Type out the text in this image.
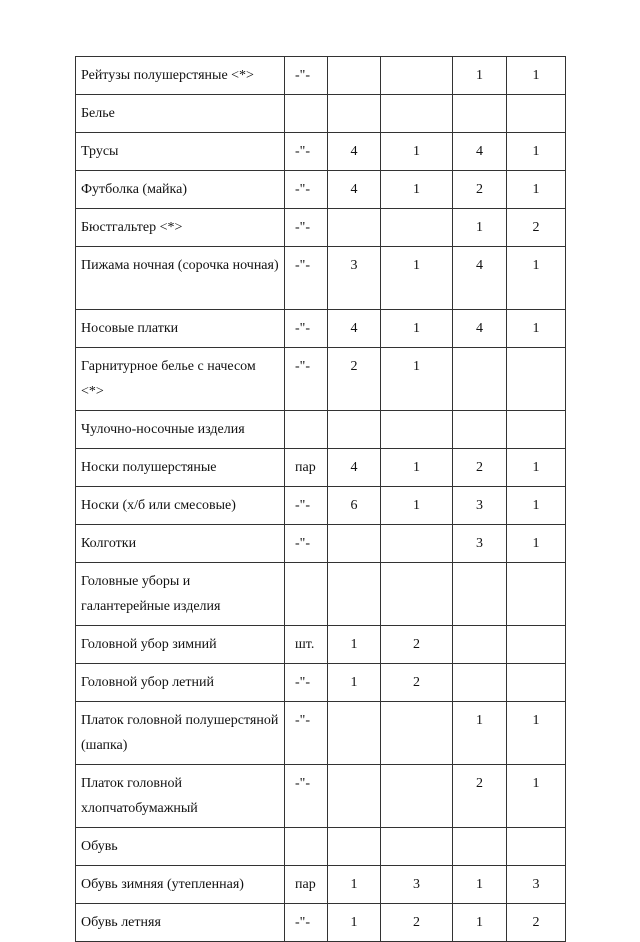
Рейтузы полушерстяные <*>	-"-			1	1
Белье					
Трусы	-"-	4	1	4	1
Футболка (майка)	-"-	4	1	2	1
Бюстгальтер <*>	-"-			1	2
Пижама ночная (сорочка ночная)	-"-	3	1	4	1
Носовые платки	-"-	4	1	4	1
Гарнитурное белье с начесом <*>	-"-	2	1		
Чулочно-носочные изделия					
Носки полушерстяные	пар	4	1	2	1
Носки (х/б или смесовые)	-"-	6	1	3	1
Колготки	-"-			3	1
Головные уборы и галантерейные изделия					
Головной убор зимний	шт.	1	2		
Головной убор летний	-"-	1	2		
Платок головной полушерстяной (шапка)	-"-			1	1
Платок головной хлопчатобумажный	-"-			2	1
Обувь					
Обувь зимняя (утепленная)	пар	1	3	1	3
Обувь летняя	-"-	1	2	1	2
